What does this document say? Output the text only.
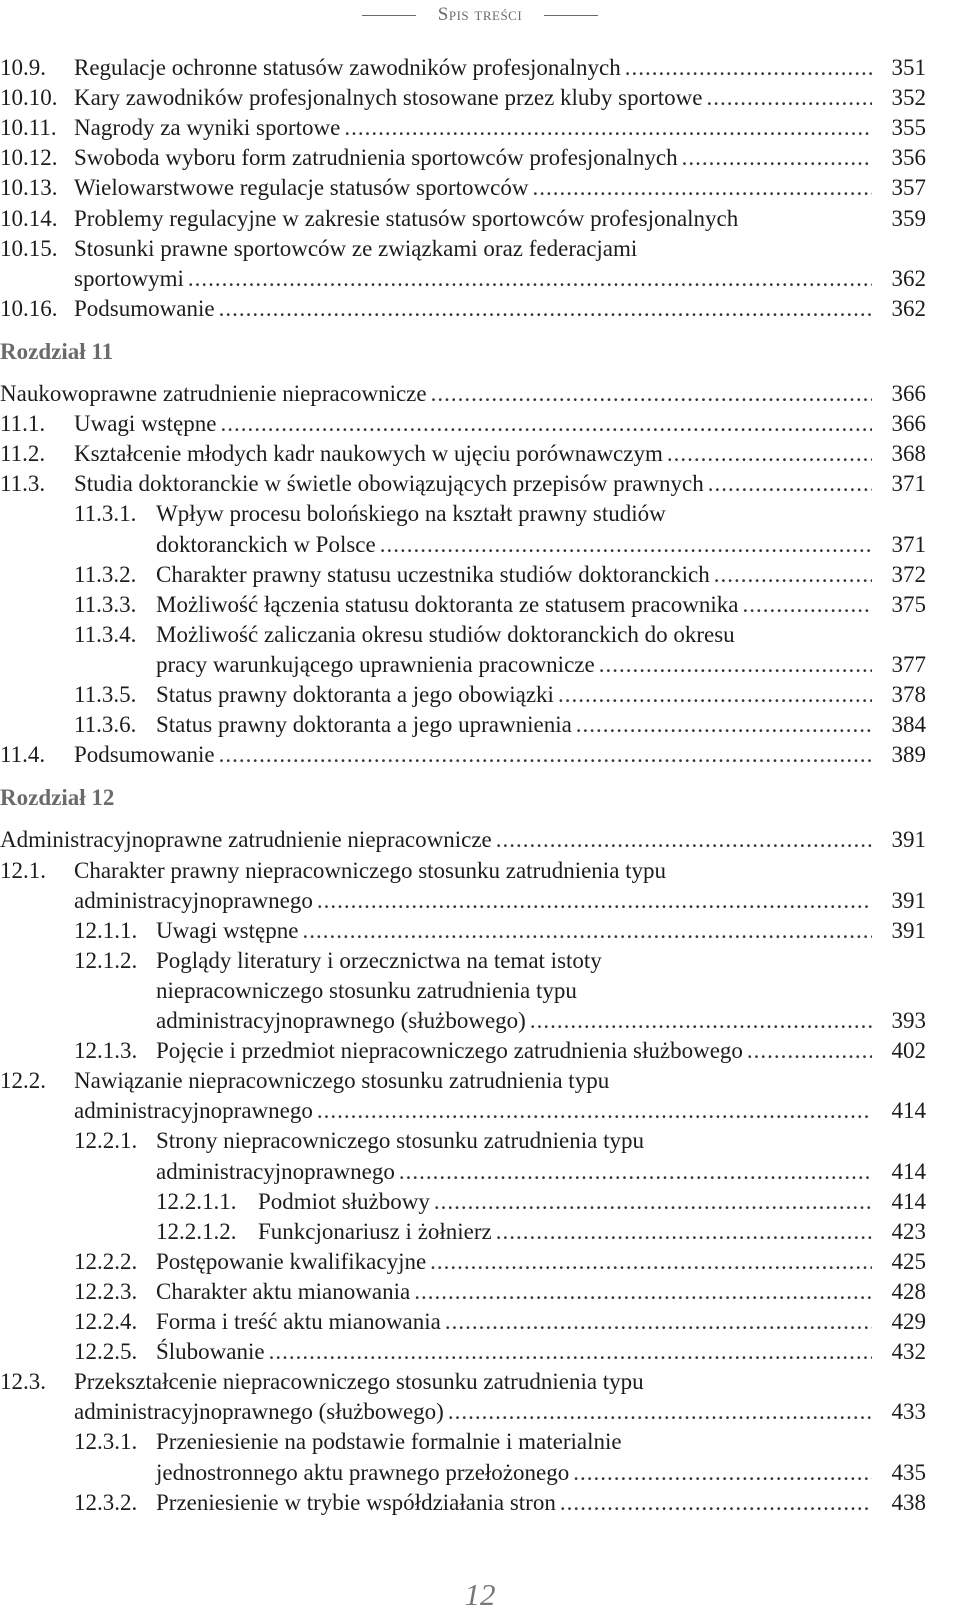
Spis treści
10.9. Regulacje ochronne statusów zawodników profesjonalnych .....	351
10.10. Kary zawodników profesjonalnych stosowane przez kluby sportowe .....	352
10.11. Nagrody za wyniki sportowe .....	355
10.12. Swoboda wyboru form zatrudnienia sportowców profesjonalnych .....	356
10.13. Wielowarstwowe regulacje statusów sportowców .....	357
10.14. Problemy regulacyjne w zakresie statusów sportowców profesjonalnych	359
10.15. Stosunki prawne sportowców ze związkami oraz federacjami
sportowymi .....	362
10.16. Podsumowanie .....	362
Rozdział 11
Naukowoprawne zatrudnienie niepracownicze .....	366
11.1. Uwagi wstępne .....	366
11.2. Kształcenie młodych kadr naukowych w ujęciu porównawczym .....	368
11.3. Studia doktoranckie w świetle obowiązujących przepisów prawnych .....	371
11.3.1. Wpływ procesu bolońskiego na kształt prawny studiów
doktoranckich w Polsce .....	371
11.3.2. Charakter prawny statusu uczestnika studiów doktoranckich .....	372
11.3.3. Możliwość łączenia statusu doktoranta ze statusem pracownika .....	375
11.3.4. Możliwość zaliczania okresu studiów doktoranckich do okresu
pracy warunkującego uprawnienia pracownicze .....	377
11.3.5. Status prawny doktoranta a jego obowiązki .....	378
11.3.6. Status prawny doktoranta a jego uprawnienia .....	384
11.4. Podsumowanie .....	389
Rozdział 12
Administracyjnoprawne zatrudnienie niepracownicze .....	391
12.1. Charakter prawny niepracowniczego stosunku zatrudnienia typu
administracyjnoprawnego .....	391
12.1.1. Uwagi wstępne .....	391
12.1.2. Poglądy literatury i orzecznictwa na temat istoty
niepracowniczego stosunku zatrudnienia typu
administracyjnoprawnego (służbowego) .....	393
12.1.3. Pojęcie i przedmiot niepracowniczego zatrudnienia służbowego .....	402
12.2. Nawiązanie niepracowniczego stosunku zatrudnienia typu
administracyjnoprawnego .....	414
12.2.1. Strony niepracowniczego stosunku zatrudnienia typu
administracyjnoprawnego .....	414
12.2.1.1. Podmiot służbowy .....	414
12.2.1.2. Funkcjonariusz i żołnierz .....	423
12.2.2. Postępowanie kwalifikacyjne .....	425
12.2.3. Charakter aktu mianowania .....	428
12.2.4. Forma i treść aktu mianowania .....	429
12.2.5. Ślubowanie .....	432
12.3. Przekształcenie niepracowniczego stosunku zatrudnienia typu
administracyjnoprawnego (służbowego) .....	433
12.3.1. Przeniesienie na podstawie formalnie i materialnie
jednostronnego aktu prawnego przełożonego .....	435
12.3.2. Przeniesienie w trybie współdziałania stron .....	438
12
